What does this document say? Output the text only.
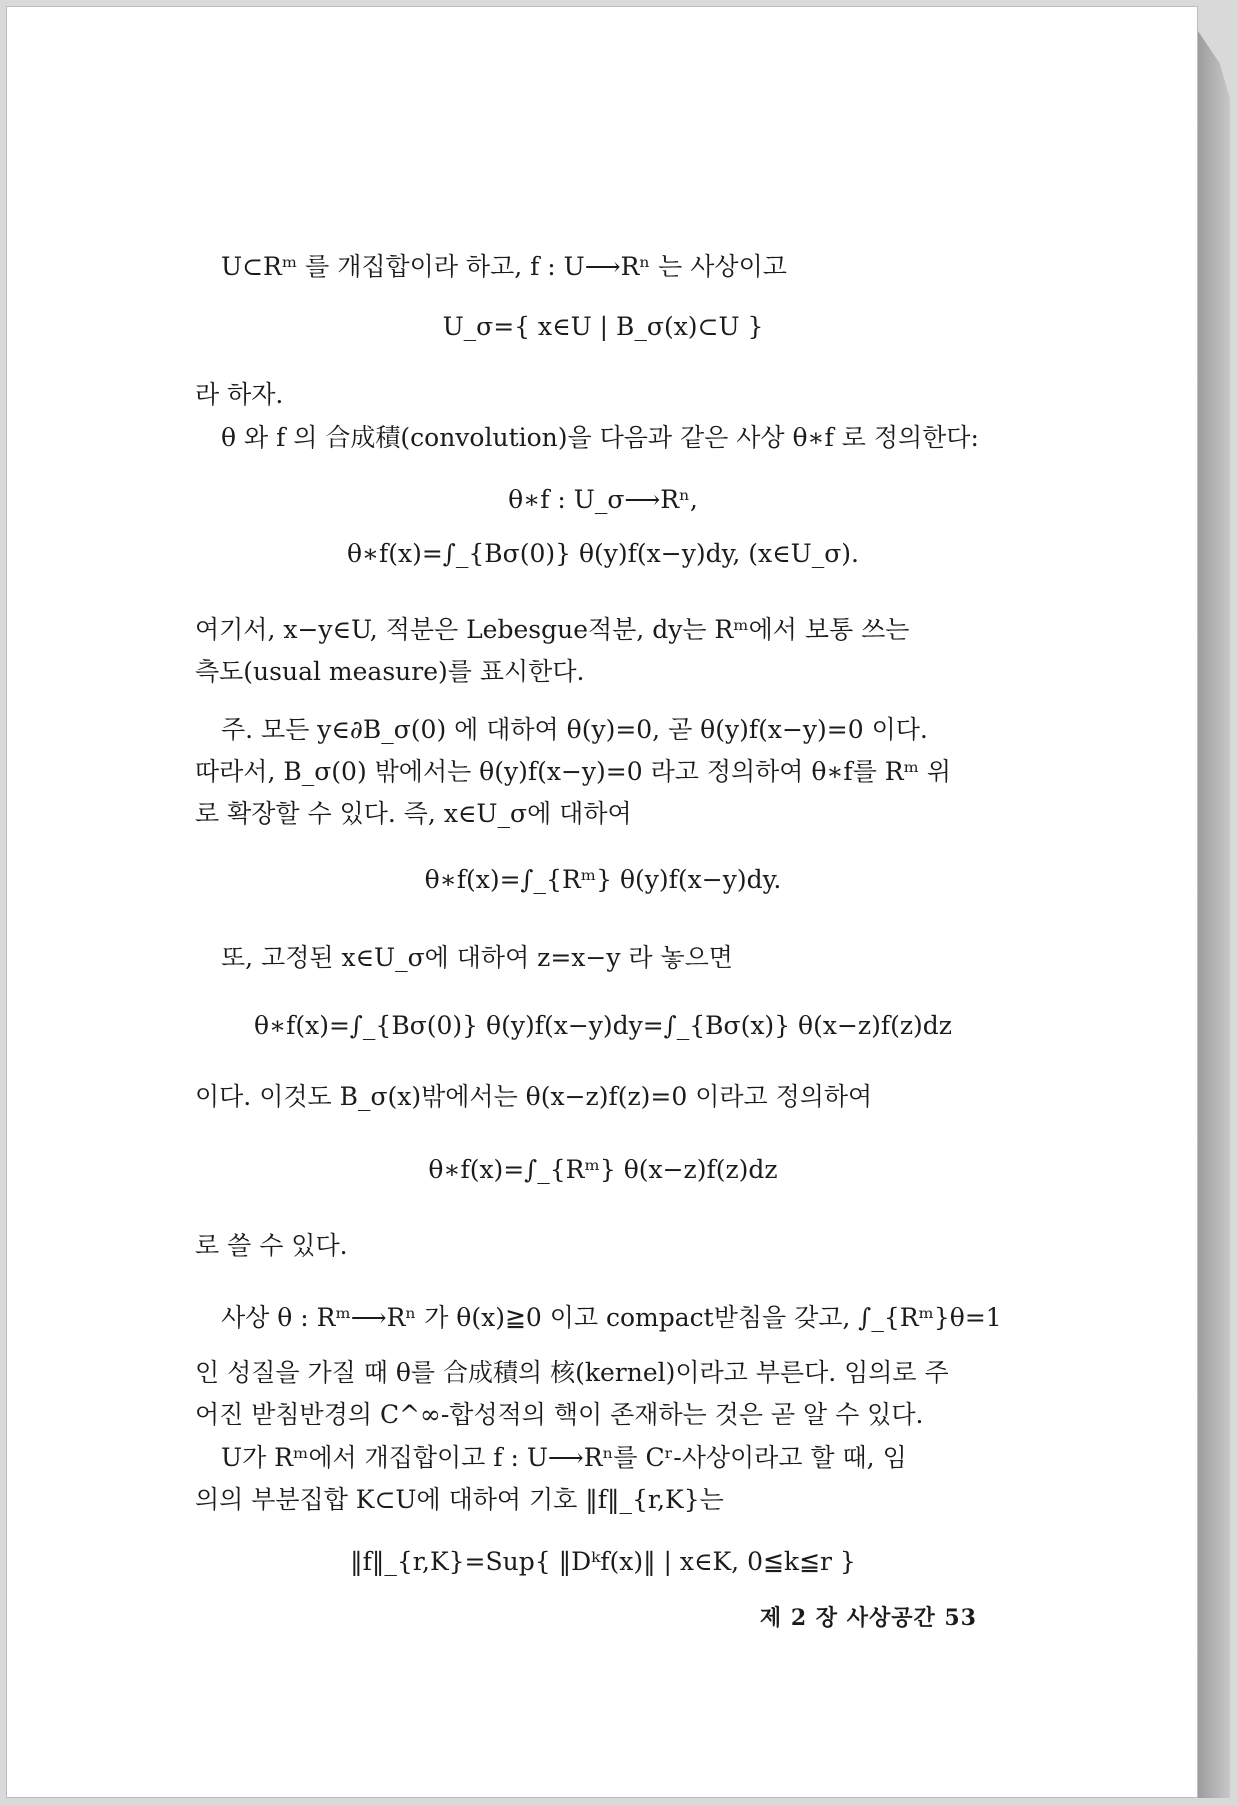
U⊂Rᵐ 를 개집합이라 하고, f : U⟶Rⁿ 는 사상이고
U_σ={ x∈U | B_σ(x)⊂U }
라 하자.
θ 와 f 의 合成積(convolution)을 다음과 같은 사상 θ∗f 로 정의한다:
θ∗f : U_σ⟶Rⁿ,
θ∗f(x)=∫_{Bσ(0)} θ(y)f(x−y)dy, (x∈U_σ).
여기서, x−y∈U, 적분은 Lebesgue적분, dy는 Rᵐ에서 보통 쓰는
측도(usual measure)를 표시한다.
주. 모든 y∈∂B_σ(0) 에 대하여 θ(y)=0, 곧 θ(y)f(x−y)=0 이다.
따라서, B_σ(0) 밖에서는 θ(y)f(x−y)=0 라고 정의하여 θ∗f를 Rᵐ 위
로 확장할 수 있다. 즉, x∈U_σ에 대하여
θ∗f(x)=∫_{Rᵐ} θ(y)f(x−y)dy.
또, 고정된 x∈U_σ에 대하여 z=x−y 라 놓으면
θ∗f(x)=∫_{Bσ(0)} θ(y)f(x−y)dy=∫_{Bσ(x)} θ(x−z)f(z)dz
이다. 이것도 B_σ(x)밖에서는 θ(x−z)f(z)=0 이라고 정의하여
θ∗f(x)=∫_{Rᵐ} θ(x−z)f(z)dz
로 쓸 수 있다.
사상 θ : Rᵐ⟶Rⁿ 가 θ(x)≧0 이고 compact받침을 갖고, ∫_{Rᵐ}θ=1
인 성질을 가질 때 θ를 合成積의 核(kernel)이라고 부른다. 임의로 주
어진 받침반경의 C^∞-합성적의 핵이 존재하는 것은 곧 알 수 있다.
U가 Rᵐ에서 개집합이고 f : U⟶Rⁿ를 Cʳ-사상이라고 할 때, 임
의의 부분집합 K⊂U에 대하여 기호 ‖f‖_{r,K}는
‖f‖_{r,K}=Sup{ ‖Dᵏf(x)‖ | x∈K, 0≦k≦r }
제 2 장 사상공간 53
